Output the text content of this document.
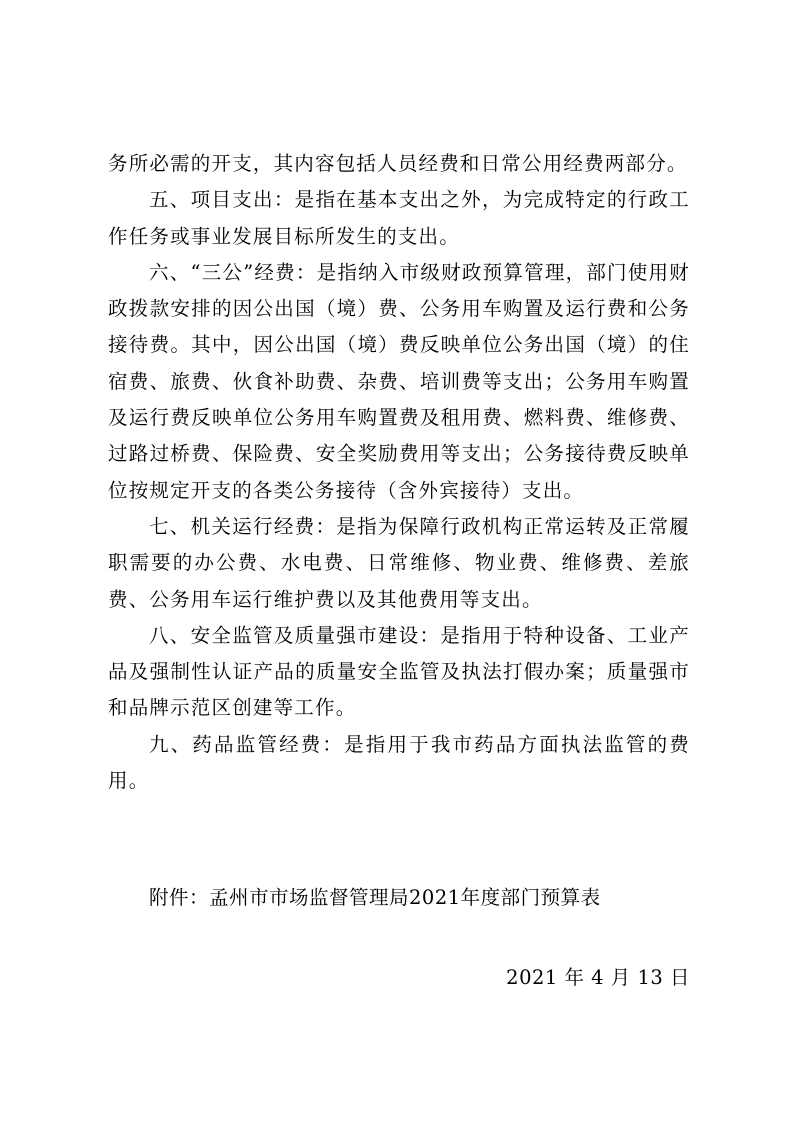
务所必需的开支，其内容包括人员经费和日常公用经费两部分。

五、项目支出：是指在基本支出之外，为完成特定的行政工作任务或事业发展目标所发生的支出。

六、“三公”经费：是指纳入市级财政预算管理，部门使用财政拨款安排的因公出国（境）费、公务用车购置及运行费和公务接待费。其中，因公出国（境）费反映单位公务出国（境）的住宿费、旅费、伙食补助费、杂费、培训费等支出；公务用车购置及运行费反映单位公务用车购置费及租用费、燃料费、维修费、过路过桥费、保险费、安全奖励费用等支出；公务接待费反映单位按规定开支的各类公务接待（含外宾接待）支出。

七、机关运行经费：是指为保障行政机构正常运转及正常履职需要的办公费、水电费、日常维修、物业费、维修费、差旅费、公务用车运行维护费以及其他费用等支出。

八、安全监管及质量强市建设：是指用于特种设备、工业产品及强制性认证产品的质量安全监管及执法打假办案；质量强市和品牌示范区创建等工作。

九、药品监管经费：是指用于我市药品方面执法监管的费用。

附件：孟州市市场监督管理局2021年度部门预算表
2021 年 4 月 13 日
